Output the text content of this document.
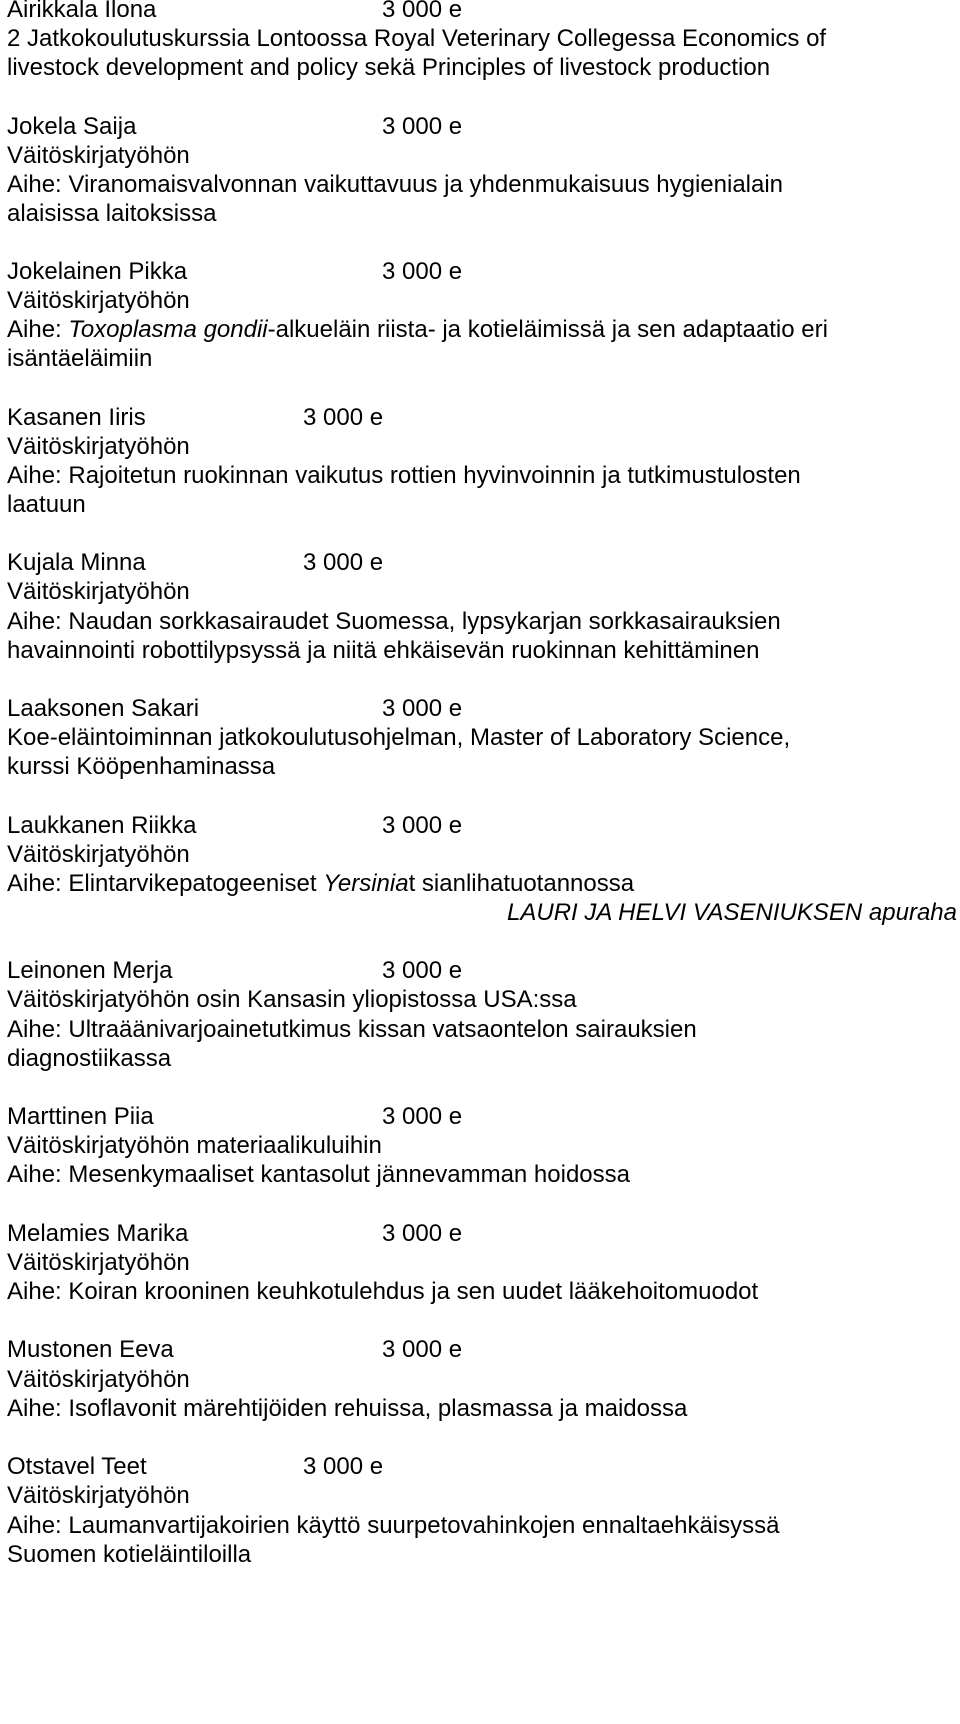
Airikkala Ilona	3 000 e
2 Jatkokoulutuskurssia Lontoossa Royal Veterinary Collegessa Economics of
livestock development and policy sekä Principles of livestock production
Jokela Saija	3 000 e
Väitöskirjatyöhön
Aihe: Viranomaisvalvonnan vaikuttavuus ja yhdenmukaisuus hygienialain
alaisissa laitoksissa
Jokelainen Pikka	3 000 e
Väitöskirjatyöhön
Aihe: Toxoplasma gondii-alkueläin riista- ja kotieläimissä ja sen adaptaatio eri
isäntäeläimiin
Kasanen Iiris	3 000 e
Väitöskirjatyöhön
Aihe: Rajoitetun ruokinnan vaikutus rottien hyvinvoinnin ja tutkimustulosten
laatuun
Kujala Minna	3 000 e
Väitöskirjatyöhön
Aihe: Naudan sorkkasairaudet Suomessa, lypsykarjan sorkkasairauksien
havainnointi robottilypsyssä ja niitä ehkäisevän ruokinnan kehittäminen
Laaksonen Sakari	3 000 e
Koe-eläintoiminnan jatkokoulutusohjelman, Master of Laboratory Science,
kurssi Kööpenhaminassa
Laukkanen Riikka	3 000 e
Väitöskirjatyöhön
Aihe: Elintarvikepatogeeniset Yersiniat sianlihatuotannossa
LAURI JA HELVI VASENIUKSEN apuraha
Leinonen Merja	3 000 e
Väitöskirjatyöhön osin Kansasin yliopistossa USA:ssa
Aihe: Ultraäänivarjoainetutkimus kissan vatsaontelon sairauksien
diagnostiikassa
Marttinen Piia	3 000 e
Väitöskirjatyöhön materiaalikuluihin
Aihe: Mesenkymaaliset kantasolut jännevamman hoidossa
Melamies Marika	3 000 e
Väitöskirjatyöhön
Aihe: Koiran krooninen keuhkotulehdus ja sen uudet lääkehoitomuodot
Mustonen Eeva	3 000 e
Väitöskirjatyöhön
Aihe: Isoflavonit märehtijöiden rehuissa, plasmassa ja maidossa
Otstavel Teet	3 000 e
Väitöskirjatyöhön
Aihe: Laumanvartijakoirien käyttö suurpetovahinkojen ennaltaehkäisyssä
Suomen kotieläintiloilla
